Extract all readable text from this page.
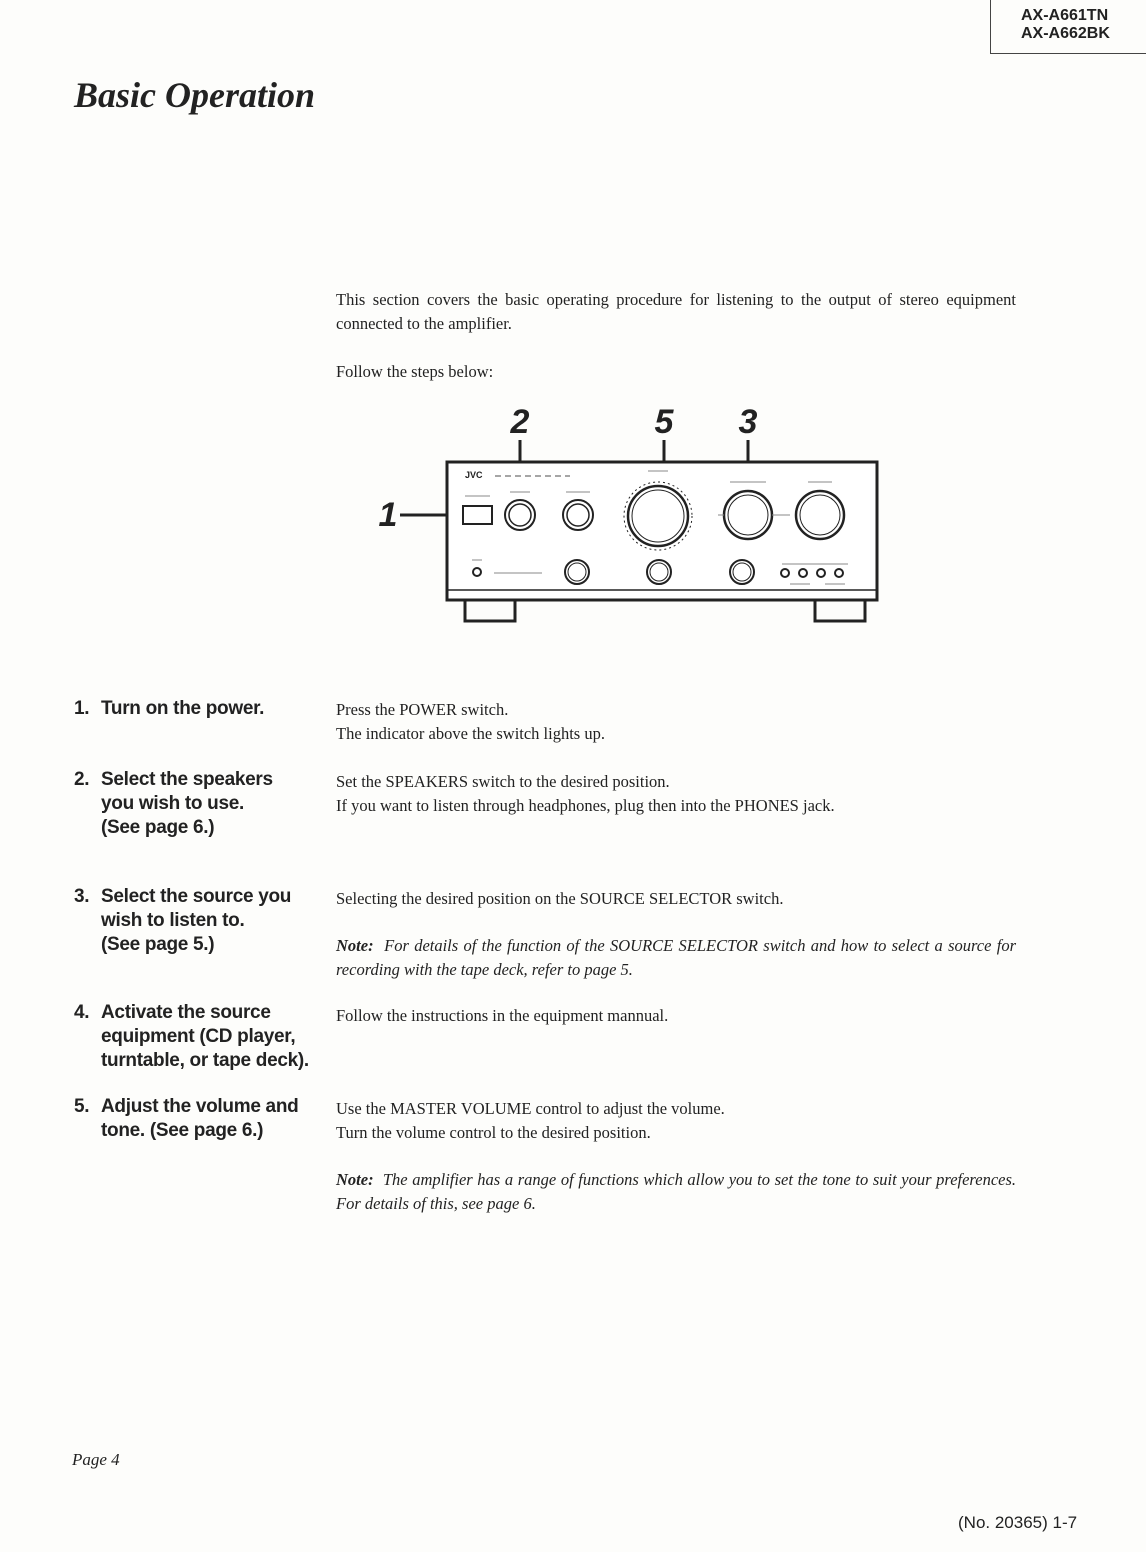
AX-A661TN
AX-A662BK
Basic Operation

This section covers the basic operating procedure for listening to the output of stereo equipment connected to the amplifier.

Follow the steps below:

2	5 3
1
JVC
1. Turn on the power.	Press the POWER switch.
The indicator above the switch lights up.
2. Select the speakers
you wish to use.
(See page 6.)
Set the SPEAKERS switch to the desired position.
If you want to listen through headphones, plug then into the PHONES jack.
3. Select the source you
wish to listen to.
(See page 5.)
Selecting the desired position on the SOURCE SELECTOR switch.

Note: For details of the function of the SOURCE SELECTOR switch and how to select a source for recording with the tape deck, refer to page 5.

4. Activate the source
equipment (CD player,
turntable, or tape deck).
Follow the instructions in the equipment mannual.
5. Adjust the volume and
tone. (See page 6.)
Use the MASTER VOLUME control to adjust the volume.
Turn the volume control to the desired position.

Note: The amplifier has a range of functions which allow you to set the tone to suit your preferences. For details of this, see page 6.

Page 4
(No. 20365) 1-7
